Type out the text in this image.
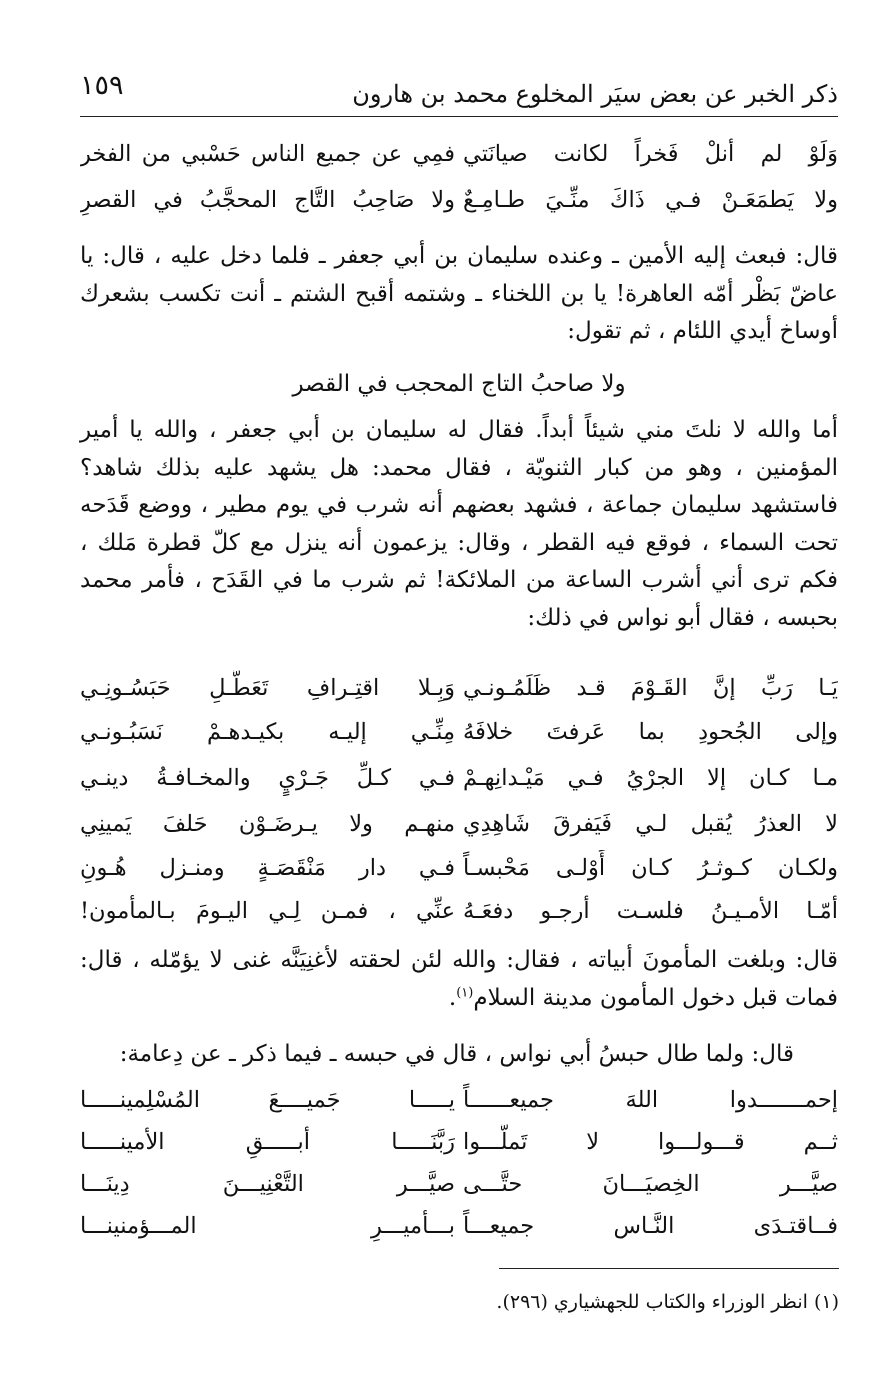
١٥٩	ذكر الخبر عن بعض سيَر المخلوع محمد بن هارون
وَلَوْ لم أنلْ فَخراً لكانت صيانَتي
فمِي عن جميع الناس حَسْبي من الفخر
ولا يَطمَعَـنْ فـي ذَاكَ منِّـيَ طـامِـعٌ
ولا صَاحِبُ التَّاج المحجَّبُ في القصرِ
قال: فبعث إليه الأمين ـ وعنده سليمان بن أبي جعفر ـ فلما دخل عليه ، قال: يا عاضّ بَظْر أمّه العاهرة! يا بن اللخناء ـ وشتمه أقبح الشتم ـ أنت تكسب بشعرك أوساخ أيدي اللئام ، ثم تقول:
ولا صاحبُ التاج المحجب في القصر
أما والله لا نلتَ مني شيئاً أبداً. فقال له سليمان بن أبي جعفر ، والله يا أمير المؤمنين ، وهو من كبار الثنويّة ، فقال محمد: هل يشهد عليه بذلك شاهد؟ فاستشهد سليمان جماعة ، فشهد بعضهم أنه شرب في يوم مطير ، ووضع قَدَحه تحت السماء ، فوقع فيه القطر ، وقال: يزعمون أنه ينزل مع كلّ قطرة مَلك ، فكم ترى أني أشرب الساعة من الملائكة! ثم شرب ما في القَدَح ، فأمر محمد بحبسه ، فقال أبو نواس في ذلك:
يَـا رَبِّ إنَّ القَـوْمَ قـد ظَلَمُـونـي
وَبِـلا اقتِـرافِ تَعَطُّـلِ حَبَسُـونِـي
وإلى الجُحودِ بما عَرفتَ خلافَهُ
مِنِّـي إليـه بكيـدهـمْ نَسَبُـونـي
مـا كـان إلا الجرْيُ فـي مَيْـدانِهـمْ
فـي كـلِّ جَـرْيٍ والمخـافـةُ دينـي
لا العذرُ يُقبل لـي فَيَفرقَ شَاهِدِي
منهـم ولا يـرضَـوْن حَلفَ يَمينِي
ولكـان كـوثـرُ كـان أَوْلـى مَحْبسـاً
فـي دار مَنْقَصَـةٍ ومنـزل هُـونِ
أمّـا الأمـيـنُ فلسـت أرجـو دفعَـهُ
عنِّي ، فمـن لِـي اليـومَ بـالمأمون!
قال: وبلغت المأمونَ أبياته ، فقال: والله لئن لحقته لأغنِيَنَّه غنى لا يؤمّله ، قال: فمات قبل دخول المأمون مدينة السلام$^{(١)}$.
قال: ولما طال حبسُ أبي نواس ، قال في حبسه ـ فيما ذكر ـ عن دِعامة:
إحمـــــــدوا اللهَ جميعــــــاً
يـــــا جَميــــعَ المُسْلِمينـــــا
ثــم قـــولـــوا لا تَملُّـــوا
رَبَّنَـــــا أبـــــقِ الأمينـــــا
صيَّـــر الخِصيَـــانَ حتَّـــى
صيَّـــر التَّعْنِيـــنَ دِينَـــا
فــاقتـدَى النَّـاس جميعـــاً
بـــأميـــرِ المـــؤمنينـــا
(١) انظر الوزراء والكتاب للجهشياري (٢٩٦).
